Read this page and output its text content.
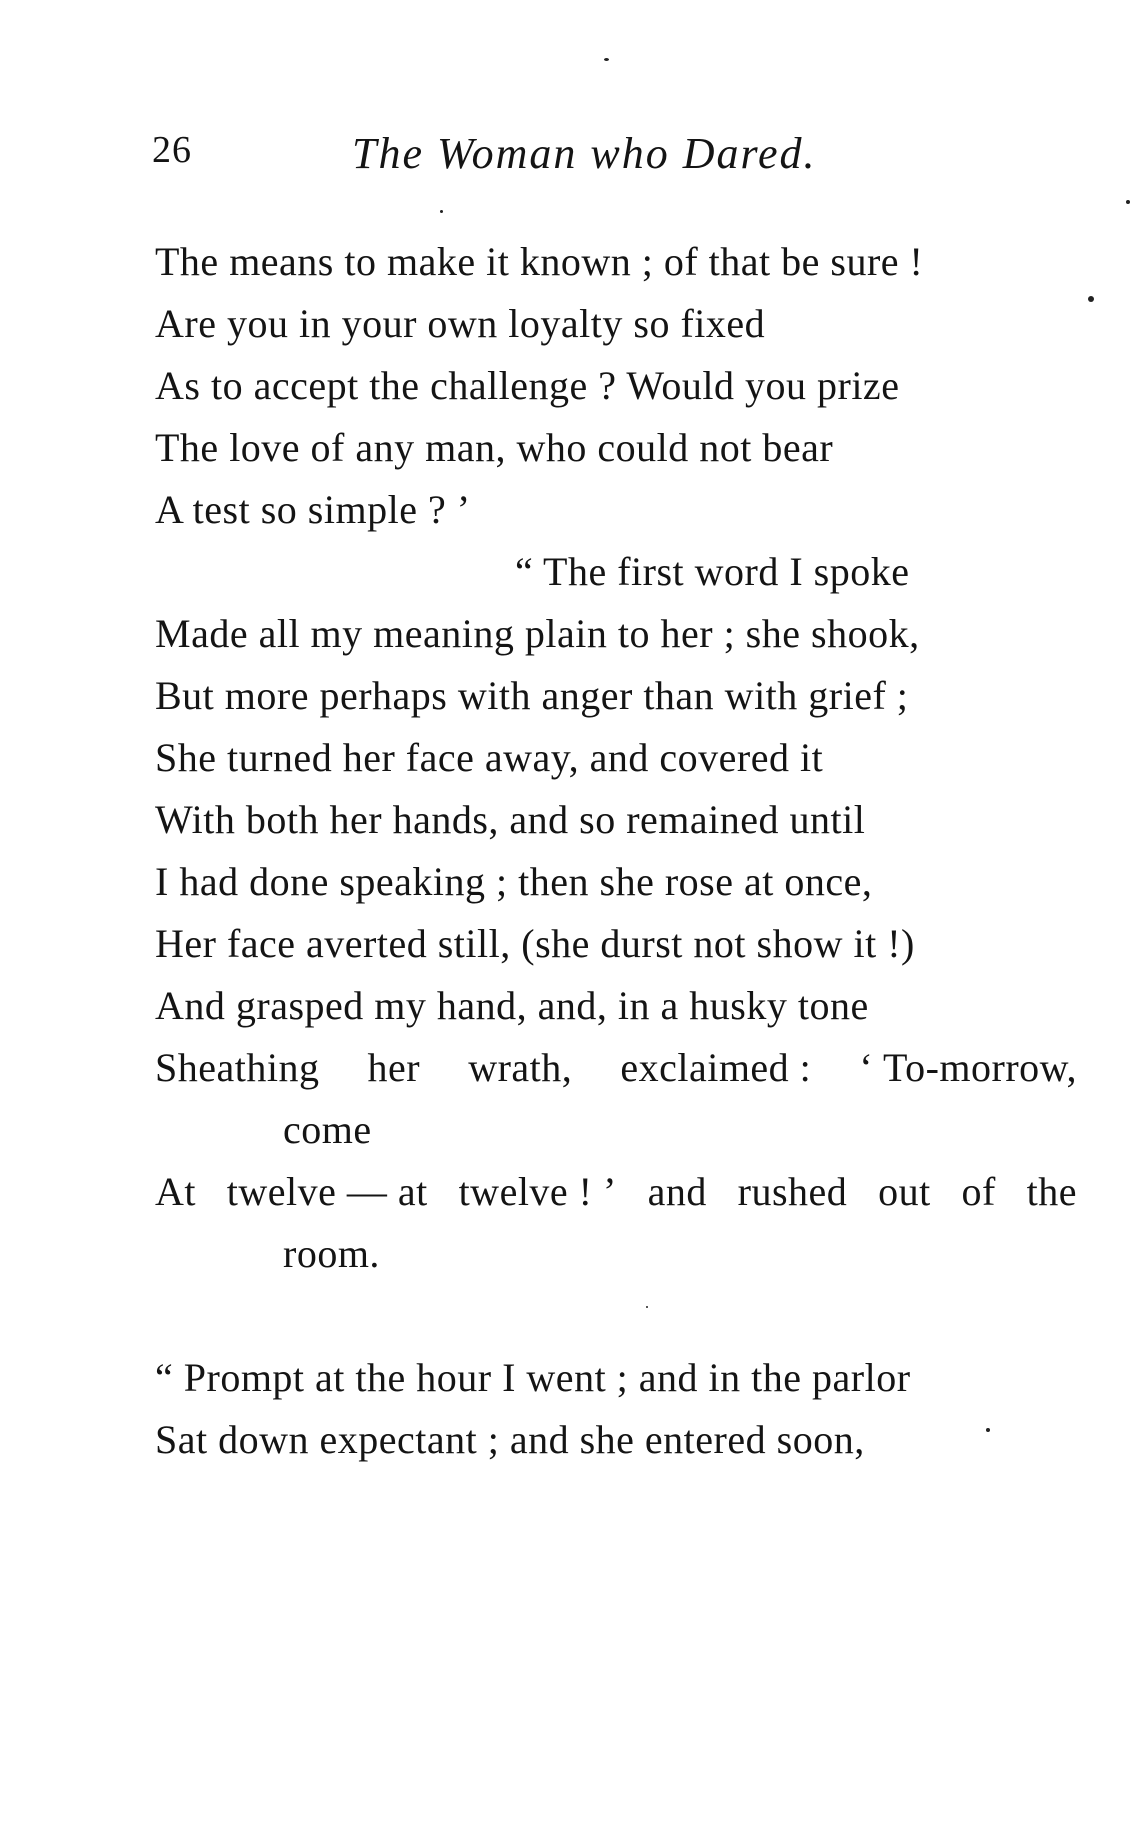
26	The Woman who Dared.
The means to make it known ; of that be sure !
Are you in your own loyalty so fixed
As to accept the challenge ? Would you prize
The love of any man, who could not bear
A test so simple ? ’
“ The first word I spoke
Made all my meaning plain to her ; she shook,
But more perhaps with anger than with grief ;
She turned her face away, and covered it
With both her hands, and so remained until
I had done speaking ; then she rose at once,
Her face averted still, (she durst not show it !)
And grasped my hand, and, in a husky tone
Sheathing her wrath, exclaimed : ‘ To-morrow,
come
At twelve — at twelve ! ’ and rushed out of the
room.
“ Prompt at the hour I went ; and in the parlor
Sat down expectant ; and she entered soon,
